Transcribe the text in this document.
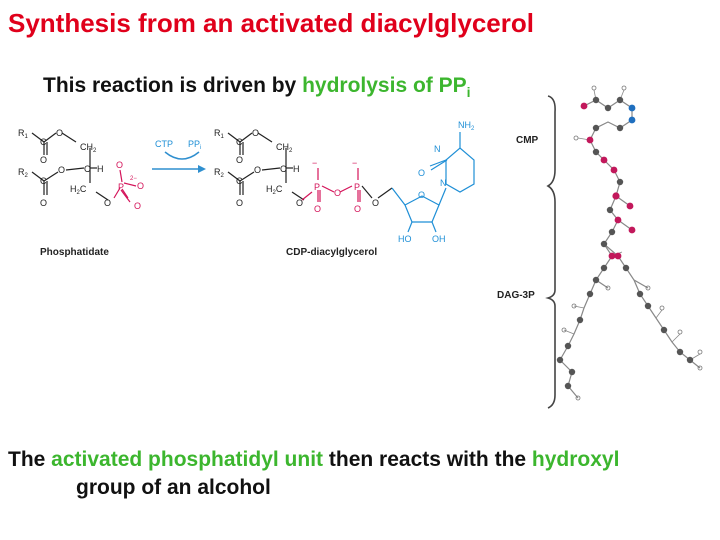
Synthesis from an activated diacylglycerol
This reaction is driven by hydrolysis of $PP_i$
$R_1$	O
C
O
$CH_2$
$R_2$ C
O C H
O
$H_2C$
O
O
P
2−
O
O
Phosphatidate
CTP $PP_i$
$R_1$	O
C
O
$CH_2$
$R_2$ C
O C H
O
$H_2C$
O
−
P
O
O
−
P
O
O
O
N
N
O
$NH_2$
HO OH
CDP-diacylglycerol
CMP
DAG-3P
The activated phosphatidyl unit then reacts with the hydroxyl
group of an alcohol
